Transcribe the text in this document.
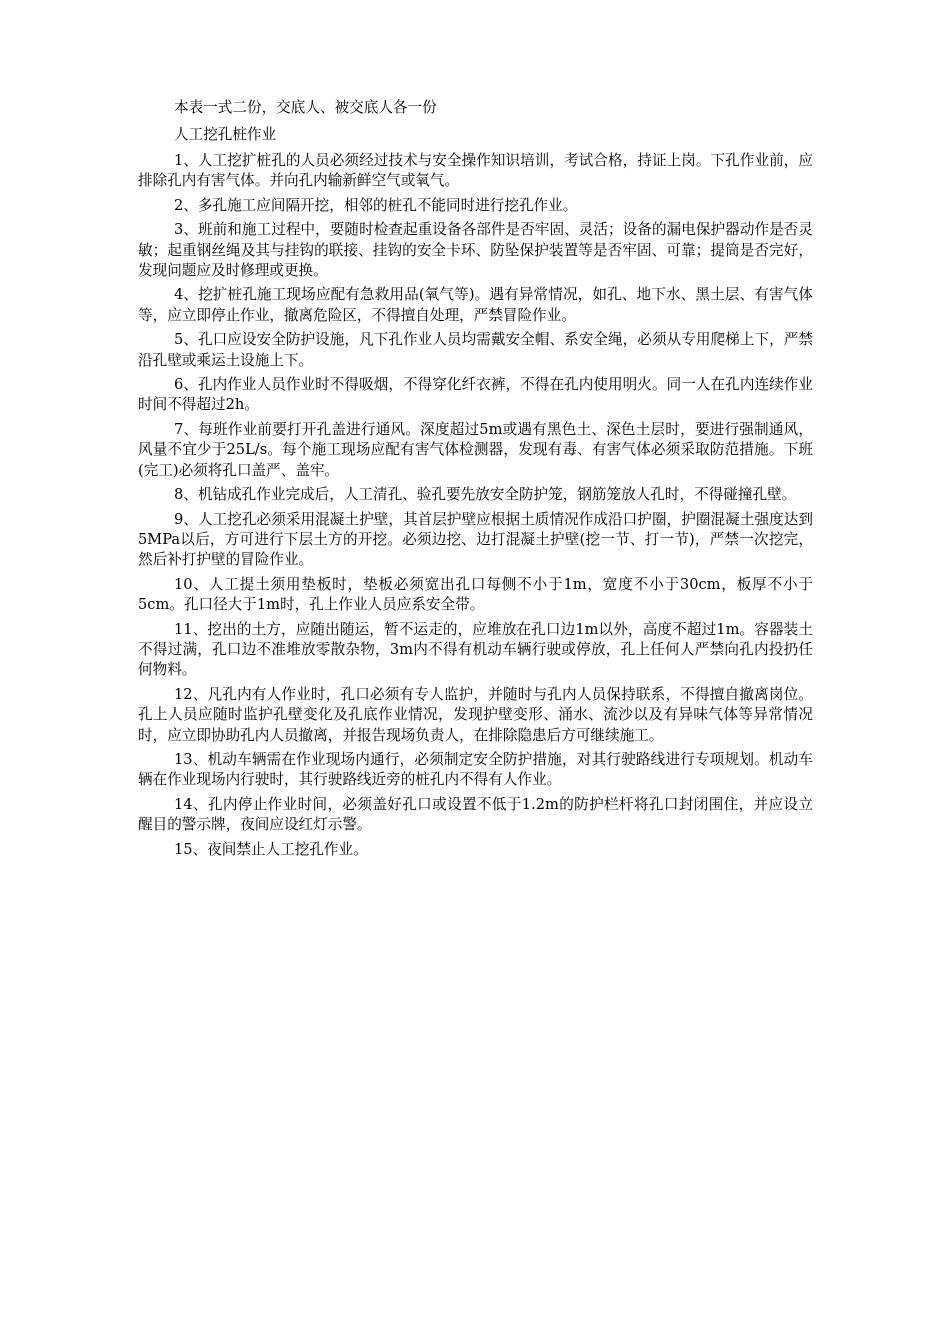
本表一式二份，交底人、被交底人各一份

人工挖孔桩作业

1、人工挖扩桩孔的人员必须经过技术与安全操作知识培训，考试合格，持证上岗。下孔作业前，应排除孔内有害气体。并向孔内输新鲜空气或氧气。

2、多孔施工应间隔开挖，相邻的桩孔不能同时进行挖孔作业。

3、班前和施工过程中，要随时检查起重设备各部件是否牢固、灵活；设备的漏电保护器动作是否灵敏；起重钢丝绳及其与挂钩的联接、挂钩的安全卡环、防坠保护装置等是否牢固、可靠；提筒是否完好，发现问题应及时修理或更换。

4、挖扩桩孔施工现场应配有急救用品(氧气等)。遇有异常情况，如孔、地下水、黑土层、有害气体等，应立即停止作业，撤离危险区，不得擅自处理，严禁冒险作业。

5、孔口应设安全防护设施，凡下孔作业人员均需戴安全帽、系安全绳，必须从专用爬梯上下，严禁沿孔壁或乘运土设施上下。

6、孔内作业人员作业时不得吸烟，不得穿化纤衣裤，不得在孔内使用明火。同一人在孔内连续作业时间不得超过2h。

7、每班作业前要打开孔盖进行通风。深度超过5m或遇有黑色土、深色土层时，要进行强制通风，风量不宜少于25L/s。每个施工现场应配有害气体检测器，发现有毒、有害气体必须采取防范措施。下班(完工)必须将孔口盖严、盖牢。

8、机钻成孔作业完成后，人工清孔、验孔要先放安全防护笼，钢筋笼放人孔时，不得碰撞孔壁。

9、人工挖孔必须采用混凝土护壁，其首层护壁应根据土质情况作成沿口护圈，护圈混凝土强度达到5MPa以后，方可进行下层土方的开挖。必须边挖、边打混凝土护壁(挖一节、打一节)，严禁一次挖完，然后补打护壁的冒险作业。

10、人工提土须用垫板时，垫板必须宽出孔口每侧不小于1m，宽度不小于30cm，板厚不小于5cm。孔口径大于1m时，孔上作业人员应系安全带。

11、挖出的土方，应随出随运，暂不运走的，应堆放在孔口边1m以外，高度不超过1m。容器装土不得过满，孔口边不准堆放零散杂物，3m内不得有机动车辆行驶或停放，孔上任何人严禁向孔内投扔任何物料。

12、凡孔内有人作业时，孔口必须有专人监护，并随时与孔内人员保持联系，不得擅自撤离岗位。孔上人员应随时监护孔壁变化及孔底作业情况，发现护壁变形、涌水、流沙以及有异味气体等异常情况时，应立即协助孔内人员撤离，并报告现场负责人，在排除隐患后方可继续施工。

13、机动车辆需在作业现场内通行，必须制定安全防护措施，对其行驶路线进行专项规划。机动车辆在作业现场内行驶时，其行驶路线近旁的桩孔内不得有人作业。

14、孔内停止作业时间，必须盖好孔口或设置不低于1.2m的防护栏杆将孔口封闭围住，并应设立醒目的警示牌，夜间应设红灯示警。

15、夜间禁止人工挖孔作业。
